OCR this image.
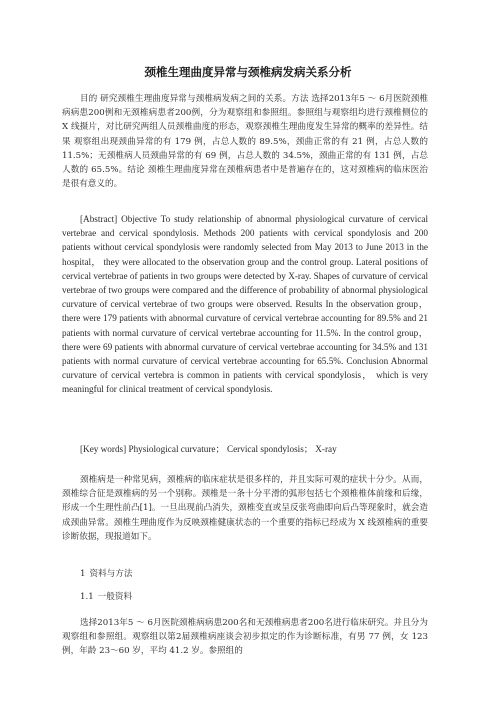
颈椎生理曲度异常与颈椎病发病关系分析

目的 研究颈椎生理曲度异常与颈椎病发病之间的关系。方法 选择2013年5 ～ 6月医院颈椎病病患200例和无颈椎病患者200例，分为观察组和参照组。参照组与观察组均进行颈椎侧位的 X 线摄片，对比研究两组人员颈椎曲度的形态，观察颈椎生理曲度发生异常的概率的差异性。结果 观察组出现颈曲异常的有 179 例，占总人数的 89.5%，颈曲正常的有 21 例，占总人数的 11.5%；无颈椎病人员颈曲异常的有 69 例，占总人数的 34.5%，颈曲正常的有 131 例，占总人数的 65.5%。结论 颈椎生理曲度异常在颈椎病患者中是普遍存在的，这对颈椎病的临床医治是很有意义的。

[Abstract] Objective To study relationship of abnormal physiological curvature of cervical vertebrae and cervical spondylosis. Methods 200 patients with cervical spondylosis and 200 patients without cervical spondylosis were randomly selected from May 2013 to June 2013 in the hospital， they were allocated to the observation group and the control group. Lateral positions of cervical vertebrae of patients in two groups were detected by X-ray. Shapes of curvature of cervical vertebrae of two groups were compared and the difference of probability of abnormal physiological curvature of cervical vertebrae of two groups were observed. Results In the observation group， there were 179 patients with abnormal curvature of cervical vertebrae accounting for 89.5% and 21 patients with normal curvature of cervical vertebrae accounting for 11.5%. In the control group， there were 69 patients with abnormal curvature of cervical vertebrae accounting for 34.5% and 131 patients with normal curvature of cervical vertebrae accounting for 65.5%. Conclusion Abnormal curvature of cervical vertebra is common in patients with cervical spondylosis， which is very meaningful for clinical treatment of cervical spondylosis.

[Key words] Physiological curvature； Cervical spondylosis； X-ray

颈椎病是一种常见病，颈椎病的临床症状是很多样的，并且实际可观的症状十分少。从而，颈椎综合征是颈椎病的另一个别称。颈椎是一条十分平滑的弧形包括七个颈椎椎体前缘和后缘，形成一个生理性前凸[1]。一旦出现前凸消失，颈椎变直或呈反张弯曲即向后凸等现象时，就会造成颈曲异常。颈椎生理曲度作为反映颈椎健康状态的一个重要的指标已经成为 X 线颈椎病的重要诊断依据，现报道如下。

1 资料与方法
1.1 一般资料

选择2013年5 ～ 6月医院颈椎病病患200名和无颈椎病患者200名进行临床研究。并且分为观察组和参照组。观察组以第2届颈椎病座谈会初步拟定的作为诊断标准，有男 77 例，女 123 例，年龄 23～60 岁，平均 41.2 岁。参照组的
